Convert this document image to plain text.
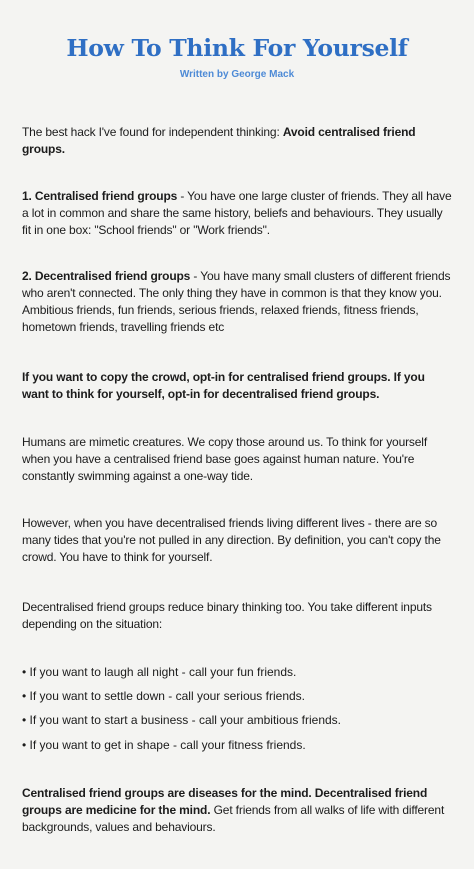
How To Think For Yourself
Written by George Mack
The best hack I've found for independent thinking: Avoid centralised friend groups.
1. Centralised friend groups - You have one large cluster of friends. They all have a lot in common and share the same history, beliefs and behaviours. They usually fit in one box: "School friends" or "Work friends".
2. Decentralised friend groups - You have many small clusters of different friends who aren't connected. The only thing they have in common is that they know you. Ambitious friends, fun friends, serious friends, relaxed friends, fitness friends, hometown friends, travelling friends etc
If you want to copy the crowd, opt-in for centralised friend groups. If you want to think for yourself, opt-in for decentralised friend groups.
Humans are mimetic creatures. We copy those around us. To think for yourself when you have a centralised friend base goes against human nature. You're constantly swimming against a one-way tide.
However, when you have decentralised friends living different lives - there are so many tides that you're not pulled in any direction. By definition, you can't copy the crowd. You have to think for yourself.
Decentralised friend groups reduce binary thinking too. You take different inputs depending on the situation:
• If you want to laugh all night - call your fun friends.
• If you want to settle down - call your serious friends.
• If you want to start a business - call your ambitious friends.
• If you want to get in shape - call your fitness friends.
Centralised friend groups are diseases for the mind. Decentralised friend groups are medicine for the mind. Get friends from all walks of life with different backgrounds, values and behaviours.
